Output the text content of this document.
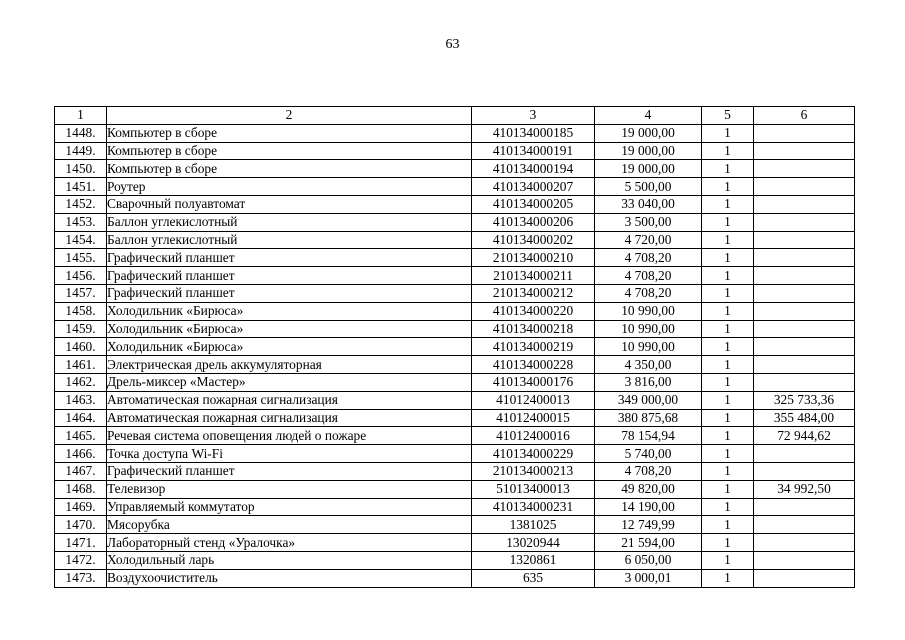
63
1	2	3	4	5	6
1448.	Компьютер в сборе	410134000185	19 000,00	1	
1449.	Компьютер в сборе	410134000191	19 000,00	1	
1450.	Компьютер в сборе	410134000194	19 000,00	1	
1451.	Роутер	410134000207	5 500,00	1	
1452.	Сварочный полуавтомат	410134000205	33 040,00	1	
1453.	Баллон углекислотный	410134000206	3 500,00	1	
1454.	Баллон углекислотный	410134000202	4 720,00	1	
1455.	Графический планшет	210134000210	4 708,20	1	
1456.	Графический планшет	210134000211	4 708,20	1	
1457.	Графический планшет	210134000212	4 708,20	1	
1458.	Холодильник «Бирюса»	410134000220	10 990,00	1	
1459.	Холодильник «Бирюса»	410134000218	10 990,00	1	
1460.	Холодильник «Бирюса»	410134000219	10 990,00	1	
1461.	Электрическая дрель аккумуляторная	410134000228	4 350,00	1	
1462.	Дрель-миксер «Мастер»	410134000176	3 816,00	1	
1463.	Автоматическая пожарная сигнализация	41012400013	349 000,00	1	325 733,36
1464.	Автоматическая пожарная сигнализация	41012400015	380 875,68	1	355 484,00
1465.	Речевая система оповещения людей о пожаре	41012400016	78 154,94	1	72 944,62
1466.	Точка доступа Wi-Fi	410134000229	5 740,00	1	
1467.	Графический планшет	210134000213	4 708,20	1	
1468.	Телевизор	51013400013	49 820,00	1	34 992,50
1469.	Управляемый коммутатор	410134000231	14 190,00	1	
1470.	Мясорубка	1381025	12 749,99	1	
1471.	Лабораторный стенд «Уралочка»	13020944	21 594,00	1	
1472.	Холодильный ларь	1320861	6 050,00	1	
1473.	Воздухоочиститель	635	3 000,01	1	
